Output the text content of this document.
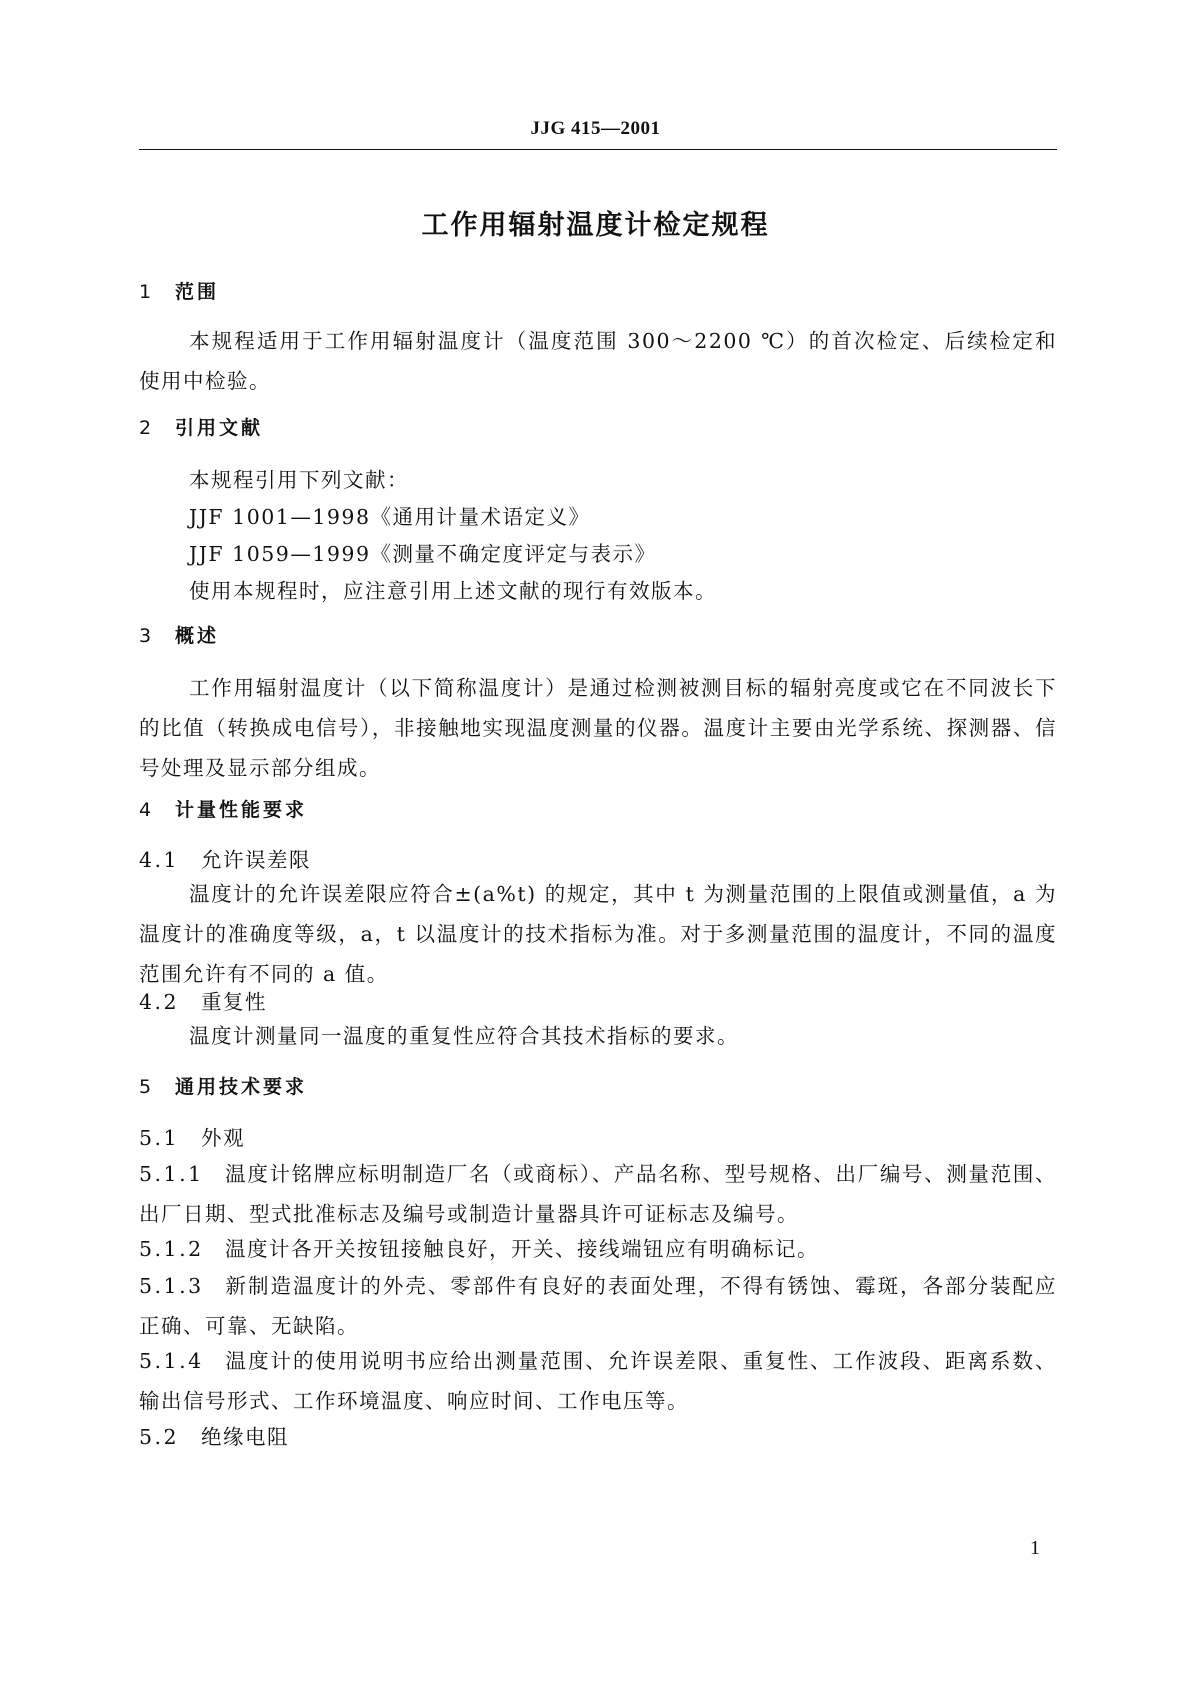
JJG 415—2001
工作用辐射温度计检定规程
1 范围
本规程适用于工作用辐射温度计（温度范围 300～2200 ℃）的首次检定、后续检定和使用中检验。
2 引用文献
本规程引用下列文献：
JJF 1001—1998《通用计量术语定义》
JJF 1059—1999《测量不确定度评定与表示》
使用本规程时，应注意引用上述文献的现行有效版本。
3 概述
工作用辐射温度计（以下简称温度计）是通过检测被测目标的辐射亮度或它在不同波长下的比值（转换成电信号），非接触地实现温度测量的仪器。温度计主要由光学系统、探测器、信号处理及显示部分组成。
4 计量性能要求
4.1 允许误差限
温度计的允许误差限应符合±(a%t) 的规定，其中 t 为测量范围的上限值或测量值，a 为温度计的准确度等级，a，t 以温度计的技术指标为准。对于多测量范围的温度计，不同的温度范围允许有不同的 a 值。
4.2 重复性
温度计测量同一温度的重复性应符合其技术指标的要求。
5 通用技术要求
5.1 外观
5.1.1 温度计铭牌应标明制造厂名（或商标）、产品名称、型号规格、出厂编号、测量范围、出厂日期、型式批准标志及编号或制造计量器具许可证标志及编号。
5.1.2 温度计各开关按钮接触良好，开关、接线端钮应有明确标记。
5.1.3 新制造温度计的外壳、零部件有良好的表面处理，不得有锈蚀、霉斑，各部分装配应正确、可靠、无缺陷。
5.1.4 温度计的使用说明书应给出测量范围、允许误差限、重复性、工作波段、距离系数、输出信号形式、工作环境温度、响应时间、工作电压等。
5.2 绝缘电阻
1
